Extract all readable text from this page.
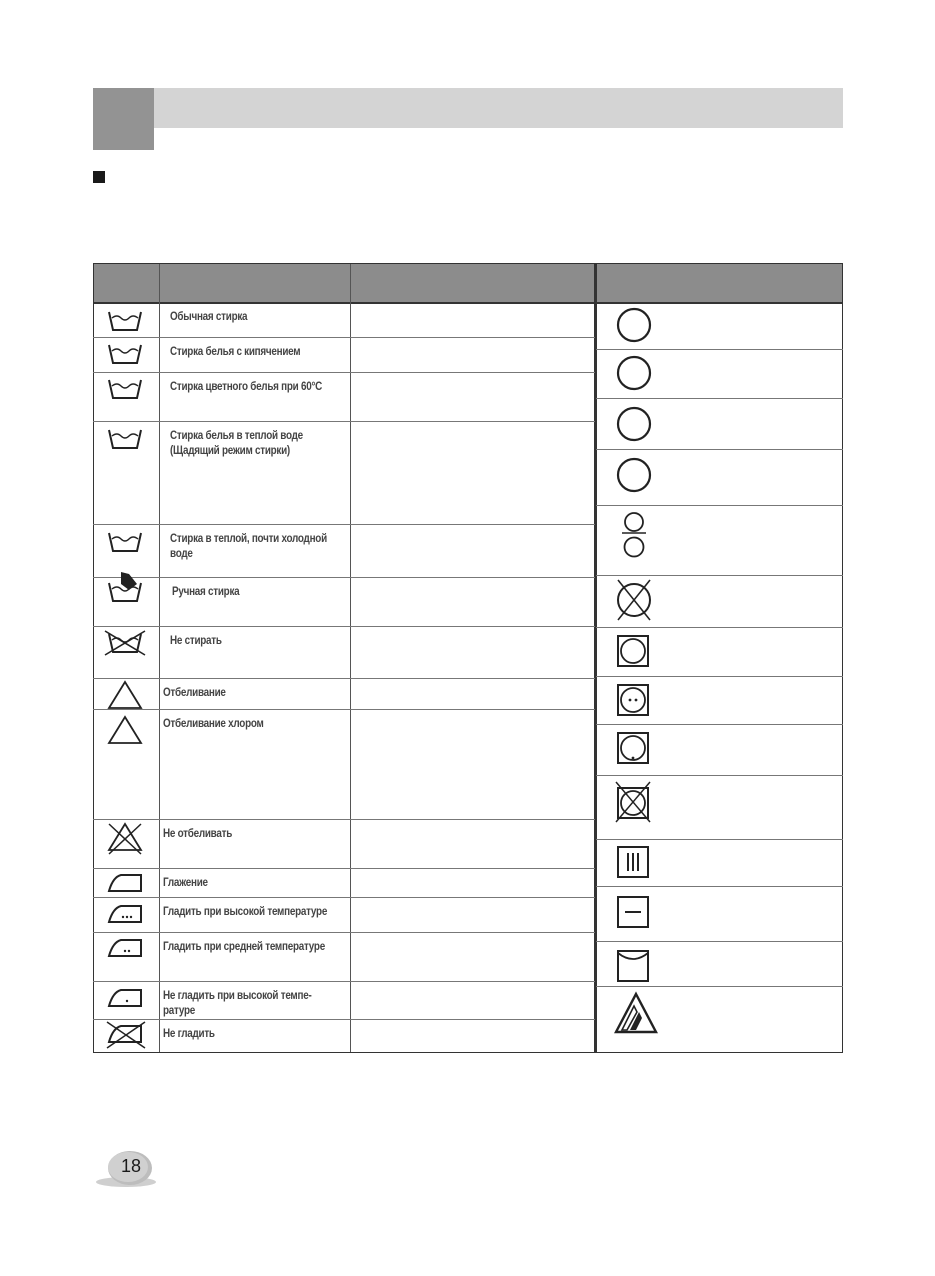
Обычная стирка
Стирка белья с кипячением
Стирка цветного белья при 60°С
Стирка белья в теплой воде
(Щадящий режим стирки)
Стирка в теплой, почти холодной
воде
Ручная стирка
Не стирать
Отбеливание
Отбеливание хлором
Не отбеливать
Глажение
Гладить при высокой температуре
Гладить при средней температуре
Не гладить при высокой темпе-
ратуре
Не гладить
18
